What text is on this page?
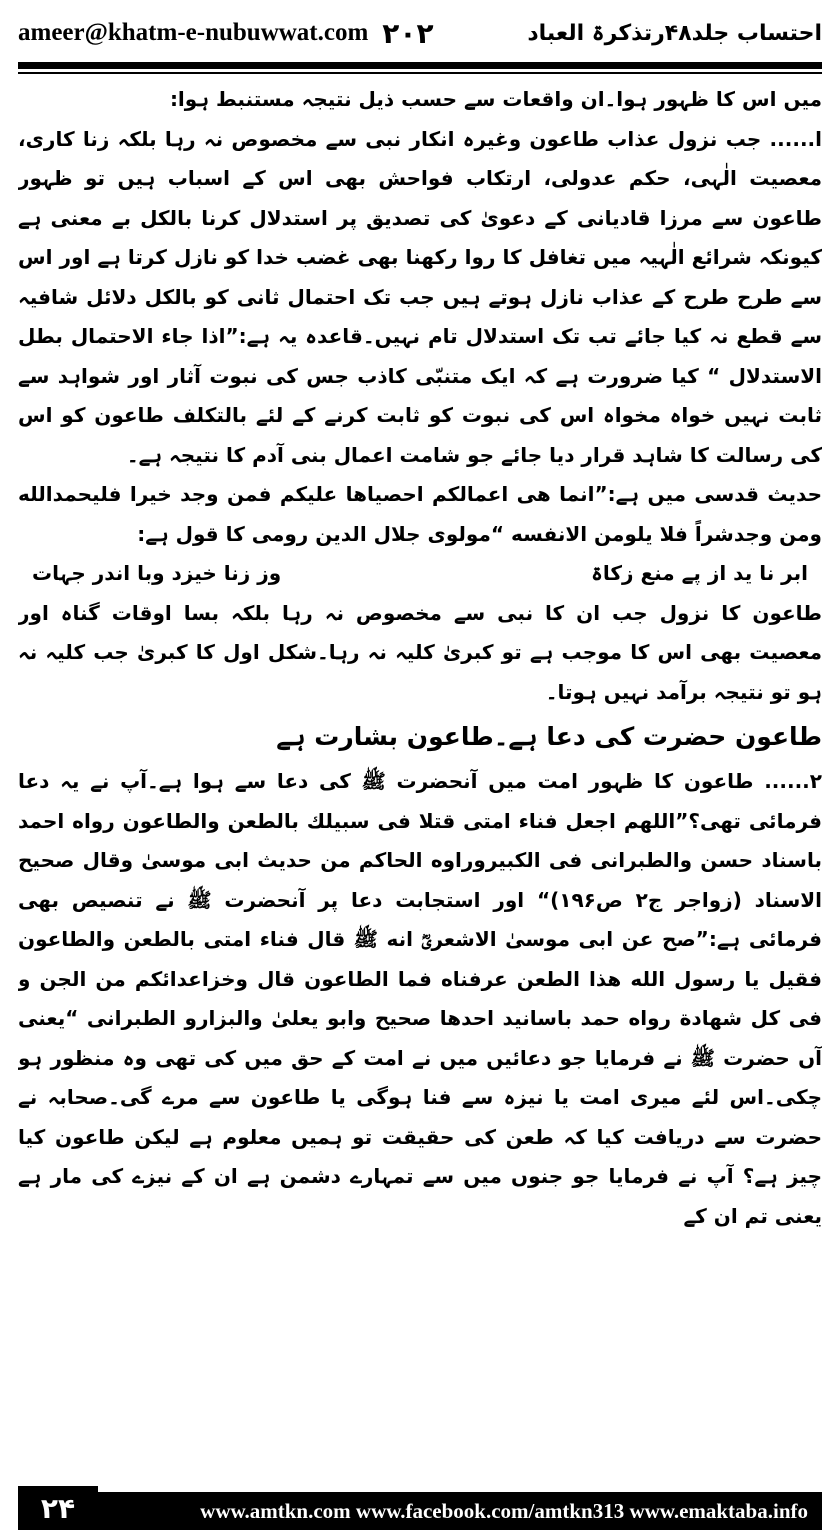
ameer@khatm-e-nubuwwat.com ۲۰۲	احتساب جلد۴۸رتذکرۃ العباد

میں اس کا ظہور ہوا۔ان واقعات سے حسب ذیل نتیجہ مستنبط ہوا:

ا...... جب نزول عذاب طاعون وغیرہ انکار نبی سے مخصوص نہ رہا بلکہ زنا کاری، معصیت الٰہی، حکم عدولی، ارتکاب فواحش بھی اس کے اسباب ہیں تو ظہور طاعون سے مرزا قادیانی کے دعویٰ کی تصدیق پر استدلال کرنا بالکل بے معنی ہے کیونکہ شرائع الٰہیہ میں تغافل کا روا رکھنا بھی غضب خدا کو نازل کرتا ہے اور اس سے طرح طرح کے عذاب نازل ہوتے ہیں جب تک احتمال ثانی کو بالکل دلائل شافیہ سے قطع نہ کیا جائے تب تک استدلال تام نہیں۔قاعدہ یہ ہے:”اذا جاء الاحتمال بطل الاستدلال “ کیا ضرورت ہے کہ ایک متنبّی کاذب جس کی نبوت آثار اور شواہد سے ثابت نہیں خواہ مخواہ اس کی نبوت کو ثابت کرنے کے لئے بالتکلف طاعون کو اس کی رسالت کا شاہد قرار دیا جائے جو شامت اعمال بنی آدم کا نتیجہ ہے۔

حدیث قدسی میں ہے:”انما هی اعمالكم احصياها عليكم فمن وجد خيرا فليحمدالله ومن وجدشراً فلا يلومن الانفسه “مولوی جلال الدین رومی کا قول ہے:

ابر نا ید از پے منع زکاۃ
وز زنا خیزد وبا اندر جہات

طاعون کا نزول جب ان کا نبی سے مخصوص نہ رہا بلکہ بسا اوقات گناہ اور معصیت بھی اس کا موجب ہے تو کبریٰ کلیہ نہ رہا۔شکل اول کا کبریٰ جب کلیہ نہ ہو تو نتیجہ برآمد نہیں ہوتا۔

طاعون حضرت کی دعا ہے۔طاعون بشارت ہے

۲...... طاعون کا ظہور امت میں آنحضرت ﷺ کی دعا سے ہوا ہے۔آپ نے یہ دعا فرمائی تھی؟”اللهم اجعل فناء امتى قتلا فى سبيلك بالطعن والطاعون رواه احمد باسناد حسن والطبرانى فى الكبيروراوه الحاكم من حديث ابى موسىٰ وقال صحيح الاسناد (زواجر ج۲ ص۱۹۶)“ اور استجابت دعا پر آنحضرت ﷺ نے تنصیص بھی فرمائی ہے:”صح عن ابى موسىٰ الاشعرىؓ انه ﷺ قال فناء امتى بالطعن والطاعون فقيل يا رسول الله هذا الطعن عرفناه فما الطاعون قال وخزاعدائكم من الجن و فى كل شهادة رواه حمد باسانيد احدها صحيح وابو يعلىٰ والبزارو الطبرانى “یعنی آں حضرت ﷺ نے فرمایا جو دعائیں میں نے امت کے حق میں کی تھی وہ منظور ہو چکی۔اس لئے میری امت یا نیزہ سے فنا ہوگی یا طاعون سے مرے گی۔صحابہ نے حضرت سے دریافت کیا کہ طعن کی حقیقت تو ہمیں معلوم ہے لیکن طاعون کیا چیز ہے؟ آپ نے فرمایا جو جنوں میں سے تمہارے دشمن ہے ان کے نیزے کی مار ہے یعنی تم ان کے

www.amtkn.com www.facebook.com/amtkn313 www.emaktaba.info
۲۴
